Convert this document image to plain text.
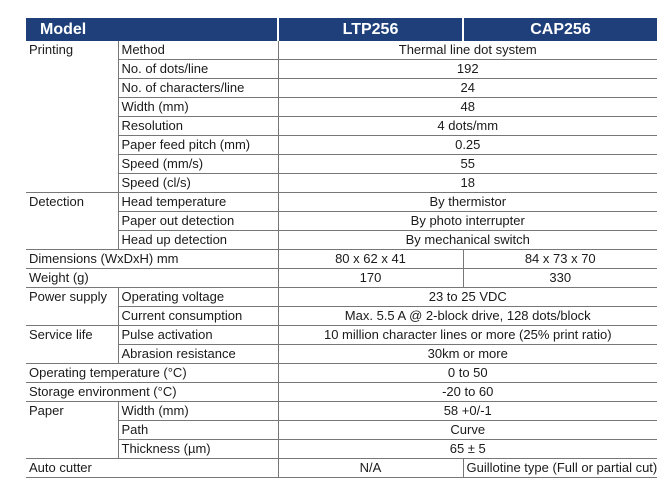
Model		LTP256	CAP256
Printing	Method	Thermal line dot system	
	No. of dots/line	192	
	No. of characters/line	24	
	Width (mm)	48	
	Resolution	4 dots/mm	
	Paper feed pitch (mm)	0.25	
	Speed (mm/s)	55	
	Speed (cl/s)	18	
Detection	Head temperature	By thermistor	
	Paper out detection	By photo interrupter	
	Head up detection	By mechanical switch	
Dimensions (WxDxH) mm		80 x 62 x 41	84 x 73 x 70
Weight (g)		170	330
Power supply	Operating voltage	23 to 25 VDC	
	Current consumption	Max. 5.5 A @ 2-block drive, 128 dots/block	
Service life	Pulse activation	10 million character lines or more (25% print ratio)	
	Abrasion resistance	30km or more	
Operating temperature (°C)		0 to 50	
Storage environment (°C)		-20 to 60	
Paper	Width (mm)	58 +0/-1	
	Path	Curve	
	Thickness (µm)	65 ± 5	
Auto cutter		N/A	Guillotine type (Full or partial cut)
